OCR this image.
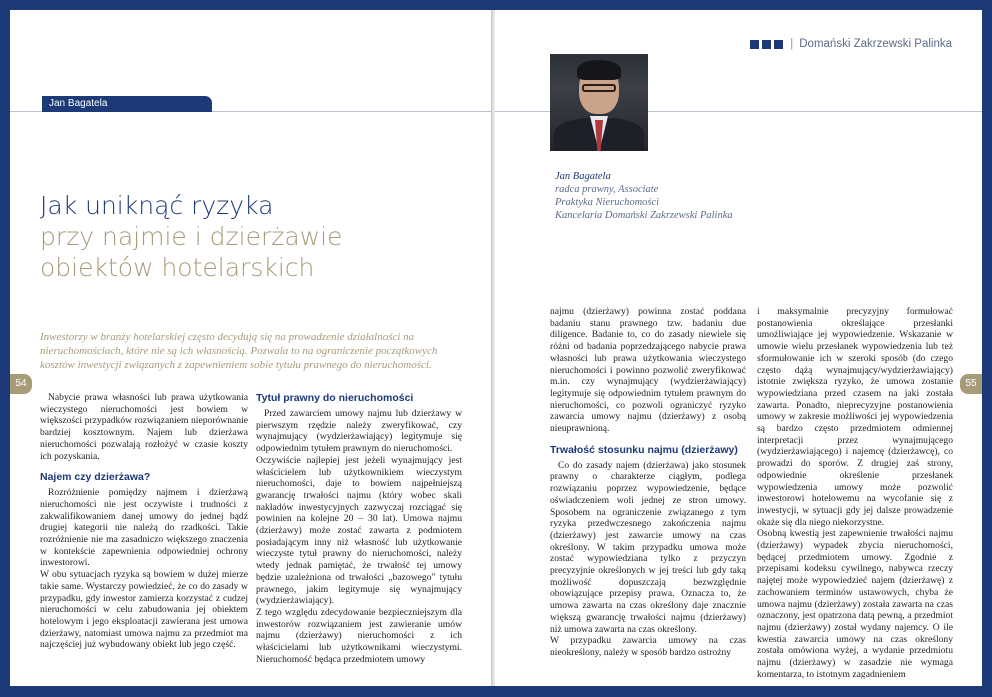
Jan Bagatela
Jak uniknąć ryzyka
przy najmie i dzierżawie
obiektów hotelarskich

Inwestorzy w branży hotelarskiej często decydują się na prowadzenie działalności na nieruchomościach, które nie są ich własnością. Pozwala to na ograniczenie początkowych kosztów inwestycji związanych z zapewnieniem sobie tytułu prawnego do nieruchomości.

54

Nabycie prawa własności lub prawa użytkowania wieczystego nieruchomości jest bowiem w większości przypadków rozwiązaniem nieporównanie bardziej kosztownym. Najem lub dzierżawa nieruchomości pozwalają rozłożyć w czasie koszty ich pozyskania.

Najem czy dzierżawa?

Rozróżnienie pomiędzy najmem i dzierżawą nieruchomości nie jest oczywiste i trudności z zakwalifikowaniem danej umowy do jednej bądź drugiej kategorii nie należą do rzadkości. Takie rozróżnienie nie ma zasadniczo większego znaczenia w kontekście zapewnienia odpowiedniej ochrony inwestorowi.

W obu sytuacjach ryzyka są bowiem w dużej mierze takie same. Wystarczy powiedzieć, że co do zasady w przypadku, gdy inwestor zamierza korzystać z cudzej nieruchomości w celu zabudowania jej obiektem hotelowym i jego eksploatacji zawierana jest umowa dzierżawy, natomiast umowa najmu za przedmiot ma najczęściej już wybudowany obiekt lub jego część.

Tytuł prawny do nieruchomości

Przed zawarciem umowy najmu lub dzierżawy w pierwszym rzędzie należy zweryfikować, czy wynajmujący (wydzierżawiający) legitymuje się odpowiednim tytułem prawnym do nieruchomości.

Oczywiście najlepiej jest jeżeli wynajmujący jest właścicielem lub użytkownikiem wieczystym nieruchomości, daje to bowiem najpełniejszą gwarancję trwałości najmu (który wobec skali nakładów inwestycyjnych zazwyczaj rozciągać się powinien na kolejne 20 – 30 lat). Umowa najmu (dzierżawy) może zostać zawarta z podmiotem posiadającym inny niż własność lub użytkowanie wieczyste tytuł prawny do nieruchomości, należy wtedy jednak pamiętać, że trwałość tej umowy będzie uzależniona od trwałości „bazowego" tytułu prawnego, jakim legitymuje się wynajmujący (wydzierżawiający).

Z tego względu zdecydowanie bezpieczniejszym dla inwestorów rozwiązaniem jest zawieranie umów najmu (dzierżawy) nieruchomości z ich właścicielami lub użytkownikami wieczystymi. Nieruchomość będąca przedmiotem umowy

| Domański Zakrzewski Palinka
Jan Bagatela
radca prawny, Associate
Praktyka Nieruchomości
Kancelaria Domański Zakrzewski Palinka
55

najmu (dzierżawy) powinna zostać poddana badaniu stanu prawnego tzw. badaniu due diligence. Badanie to, co do zasady niewiele się różni od badania poprzedzającego nabycie prawa własności lub prawa użytkowania wieczystego nieruchomości i powinno pozwolić zweryfikować m.in. czy wynajmujący (wydzierżawiający) legitymuje się odpowiednim tytułem prawnym do nieruchomości, co pozwoli ograniczyć ryzyko zawarcia umowy najmu (dzierżawy) z osobą nieuprawnioną.

Trwałość stosunku najmu (dzierżawy)

Co do zasady najem (dzierżawa) jako stosunek prawny o charakterze ciągłym, podlega rozwiązaniu poprzez wypowiedzenie, będące oświadczeniem woli jednej ze stron umowy. Sposobem na ograniczenie związanego z tym ryzyka przedwczesnego zakończenia najmu (dzierżawy) jest zawarcie umowy na czas określony. W takim przypadku umowa może zostać wypowiedziana tylko z przyczyn precyzyjnie określonych w jej treści lub gdy taką możliwość dopuszczają bezwzględnie obowiązujące przepisy prawa. Oznacza to, że umowa zawarta na czas określony daje znacznie większą gwarancję trwałości najmu (dzierżawy) niż umowa zawarta na czas określony.

W przypadku zawarcia umowy na czas nieokreślony, należy w sposób bardzo ostrożny

i maksymalnie precyzyjny formułować postanowienia określające przesłanki umożliwiające jej wypowiedzenie. Wskazanie w umowie wielu przesłanek wypowiedzenia lub też sformułowanie ich w szeroki sposób (do czego często dążą wynajmujący/wydzierżawiający) istotnie zwiększa ryzyko, że umowa zostanie wypowiedziana przed czasem na jaki została zawarta. Ponadto, nieprecyzyjne postanowienia umowy w zakresie możliwości jej wypowiedzenia są bardzo często przedmiotem odmiennej interpretacji przez wynajmującego (wydzierżawiającego) i najemcę (dzierżawcę), co prowadzi do sporów. Z drugiej zaś strony, odpowiednie określenie przesłanek wypowiedzenia umowy może pozwolić inwestorowi hotelowemu na wycofanie się z inwestycji, w sytuacji gdy jej dalsze prowadzenie okaże się dla niego niekorzystne.

Osobną kwestią jest zapewnienie trwałości najmu (dzierżawy) wypadek zbycia nieruchomości, będącej przedmiotem umowy. Zgodnie z przepisami kodeksu cywilnego, nabywca rzeczy najętej może wypowiedzieć najem (dzierżawę) z zachowaniem terminów ustawowych, chyba że umowa najmu (dzierżawy) została zawarta na czas oznaczony, jest opatrzona datą pewną, a przedmiot najmu (dzierżawy) został wydany najemcy. O ile kwestia zawarcia umowy na czas określony została omówiona wyżej, a wydanie przedmiotu najmu (dzierżawy) w zasadzie nie wymaga komentarza, to istotnym zagadnieniem

Poradnik Inwestora Hotelowego 2012	Poradnik Inwestora Hotelowego 2012
